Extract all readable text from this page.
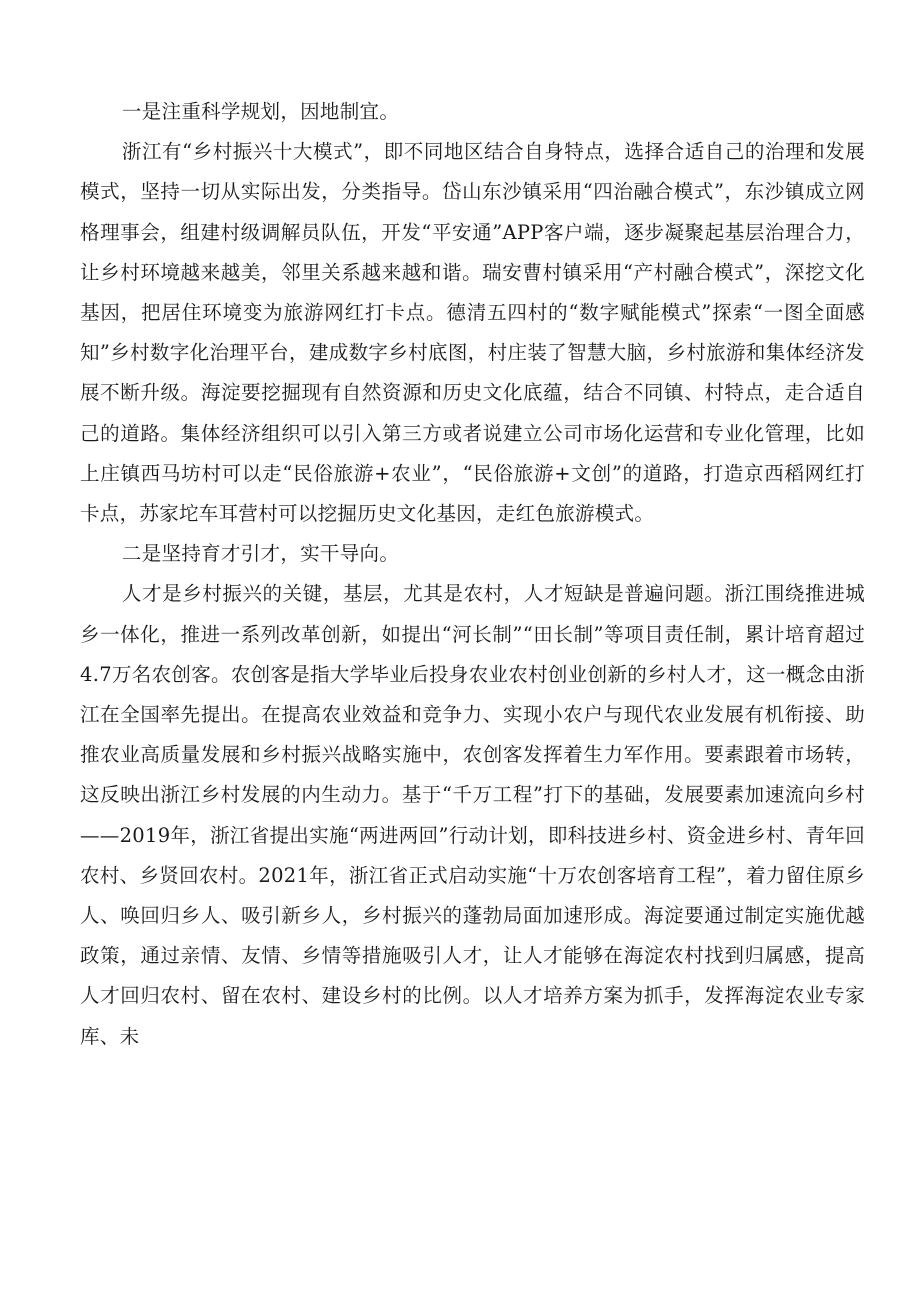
一是注重科学规划，因地制宜。

浙江有“乡村振兴十大模式”，即不同地区结合自身特点，选择合适自己的治理和发展模式，坚持一切从实际出发，分类指导。岱山东沙镇采用“四治融合模式”，东沙镇成立网格理事会，组建村级调解员队伍，开发“平安通”APP客户端，逐步凝聚起基层治理合力，让乡村环境越来越美，邻里关系越来越和谐。瑞安曹村镇采用“产村融合模式”，深挖文化基因，把居住环境变为旅游网红打卡点。德清五四村的“数字赋能模式”探索“一图全面感知”乡村数字化治理平台，建成数字乡村底图，村庄装了智慧大脑，乡村旅游和集体经济发展不断升级。海淀要挖掘现有自然资源和历史文化底蕴，结合不同镇、村特点，走合适自己的道路。集体经济组织可以引入第三方或者说建立公司市场化运营和专业化管理，比如上庄镇西马坊村可以走“民俗旅游+农业”，“民俗旅游+文创”的道路，打造京西稻网红打卡点，苏家坨车耳营村可以挖掘历史文化基因，走红色旅游模式。

二是坚持育才引才，实干导向。

人才是乡村振兴的关键，基层，尤其是农村，人才短缺是普遍问题。浙江围绕推进城乡一体化，推进一系列改革创新，如提出“河长制”“田长制”等项目责任制，累计培育超过4.7万名农创客。农创客是指大学毕业后投身农业农村创业创新的乡村人才，这一概念由浙江在全国率先提出。在提高农业效益和竞争力、实现小农户与现代农业发展有机衔接、助推农业高质量发展和乡村振兴战略实施中，农创客发挥着生力军作用。要素跟着市场转，这反映出浙江乡村发展的内生动力。基于“千万工程”打下的基础，发展要素加速流向乡村——2019年，浙江省提出实施“两进两回”行动计划，即科技进乡村、资金进乡村、青年回农村、乡贤回农村。2021年，浙江省正式启动实施“十万农创客培育工程”，着力留住原乡人、唤回归乡人、吸引新乡人，乡村振兴的蓬勃局面加速形成。海淀要通过制定实施优越政策，通过亲情、友情、乡情等措施吸引人才，让人才能够在海淀农村找到归属感，提高人才回归农村、留在农村、建设乡村的比例。以人才培养方案为抓手，发挥海淀农业专家库、未
